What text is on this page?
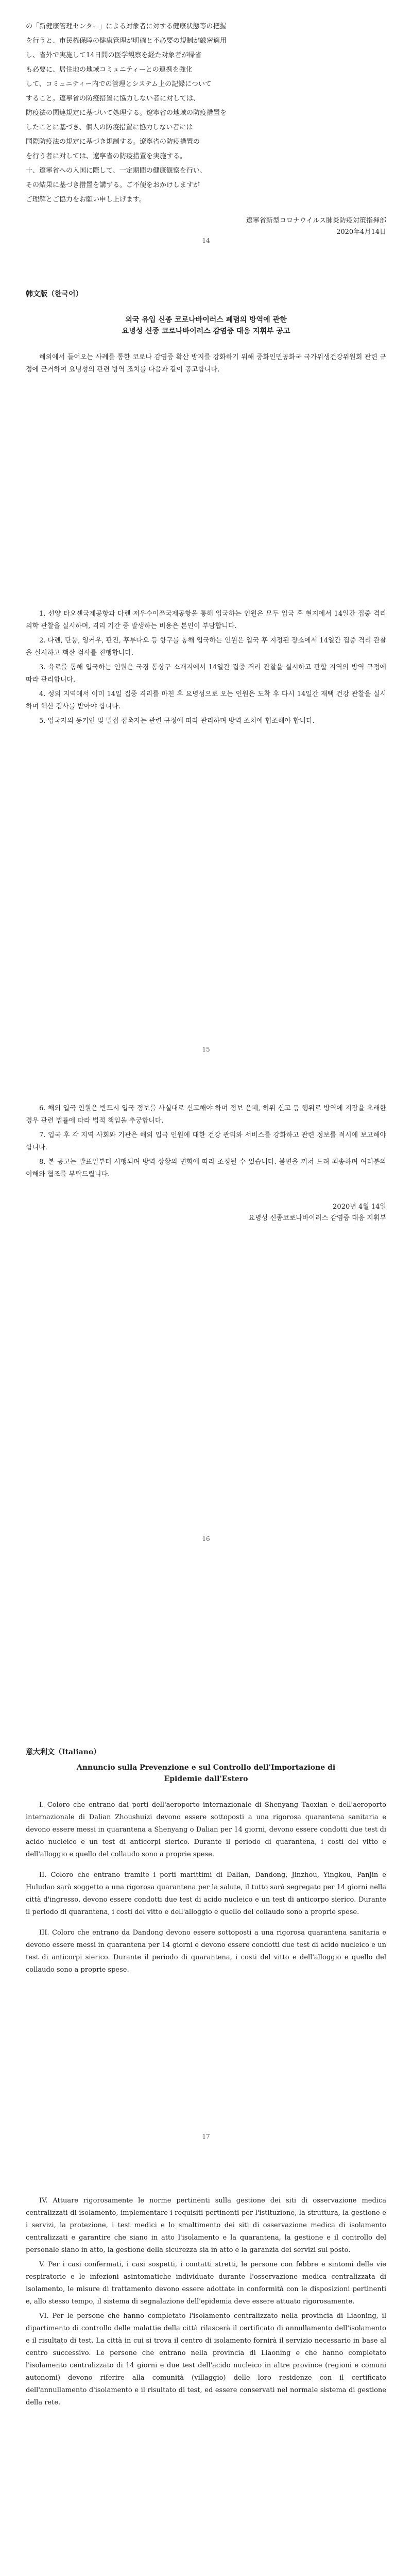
の「新健康管理センター」による対象者に対する健康状態等の把握

を行うと、市民権保障の健康管理が明確と不必要の規制が厳密適用

し、省外で実施して14日間の医学観察を経た対象者が帰省

も必要に、居住地の地域コミュニティーとの連携を強化

して、コミュニティー内での管理とシステム上の記録について

すること。遼寧省の防疫措置に協力しない者に対しては、

防疫法の関連規定に基づいて処理する。遼寧省の地域の防疫措置を

したことに基づき、個人の防疫措置に協力しない者には

国際防疫法の規定に基づき規制する。遼寧省の防疫措置の

を行う者に対しては、遼寧省の防疫措置を実施する。

十、遼寧省への入国に際して、一定期間の健康観察を行い、

その結果に基づき措置を講ずる。ご不便をおかけしますが

ご理解とご協力をお願い申し上げます。

遼寧省新型コロナウイルス肺炎防疫対策指揮部

2020年4月14日

14

韩文版（한국어）

외국 유입 신종 코로나바이러스 폐렴의 방역에 관한

요녕성 신종 코로나바이러스 감염증 대응 지휘부 공고

해외에서 들어오는 사례를 통한 코로나 감염증 확산 방지를 강화하기 위해 중화인민공화국 국가위생건강위원회 관련 규정에 근거하여 요녕성의 관련 방역 조치를 다음과 같이 공고합니다.

1. 선양 타오셴국제공항과 다롄 저우수이쯔국제공항을 통해 입국하는 인원은 모두 입국 후 현지에서 14일간 집중 격리 의학 관찰을 실시하며, 격리 기간 중 발생하는 비용은 본인이 부담합니다.

2. 다롄, 단둥, 잉커우, 판진, 후루다오 등 항구를 통해 입국하는 인원은 입국 후 지정된 장소에서 14일간 집중 격리 관찰을 실시하고 핵산 검사를 진행합니다.

3. 육로를 통해 입국하는 인원은 국경 통상구 소재지에서 14일간 집중 격리 관찰을 실시하고 관할 지역의 방역 규정에 따라 관리합니다.

4. 성외 지역에서 이미 14일 집중 격리를 마친 후 요녕성으로 오는 인원은 도착 후 다시 14일간 재택 건강 관찰을 실시하며 핵산 검사를 받아야 합니다.

5. 입국자의 동거인 및 밀접 접촉자는 관련 규정에 따라 관리하며 방역 조치에 협조해야 합니다.

15

6. 해외 입국 인원은 반드시 입국 정보를 사실대로 신고해야 하며 정보 은폐, 허위 신고 등 행위로 방역에 지장을 초래한 경우 관련 법률에 따라 법적 책임을 추궁합니다.

7. 입국 후 각 지역 사회와 기관은 해외 입국 인원에 대한 건강 관리와 서비스를 강화하고 관련 정보를 적시에 보고해야 합니다.

8. 본 공고는 발표일부터 시행되며 방역 상황의 변화에 따라 조정될 수 있습니다. 불편을 끼쳐 드려 죄송하며 여러분의 이해와 협조를 부탁드립니다.

2020년 4월 14일

요녕성 신종코로나바이러스 감염증 대응 지휘부

16

意大利文（Italiano）

Annuncio sulla Prevenzione e sul Controllo dell'Importazione di

Epidemie dall'Estero

I. Coloro che entrano dai porti dell'aeroporto internazionale di Shenyang Taoxian e dell'aeroporto internazionale di Dalian Zhoushuizi devono essere sottoposti a una rigorosa quarantena sanitaria e devono essere messi in quarantena a Shenyang o Dalian per 14 giorni, devono essere condotti due test di acido nucleico e un test di anticorpi sierico. Durante il periodo di quarantena, i costi del vitto e dell'alloggio e quello del collaudo sono a proprie spese.

II. Coloro che entrano tramite i porti marittimi di Dalian, Dandong, Jinzhou, Yingkou, Panjin e Huludao sarà soggetto a una rigorosa quarantena per la salute, il tutto sarà segregato per 14 giorni nella città d'ingresso, devono essere condotti due test di acido nucleico e un test di anticorpo sierico. Durante il periodo di quarantena, i costi del vitto e dell'alloggio e quello del collaudo sono a proprie spese.

III. Coloro che entrano da Dandong devono essere sottoposti a una rigorosa quarantena sanitaria e devono essere messi in quarantena per 14 giorni e devono essere condotti due test di acido nucleico e un test di anticorpi sierico. Durante il periodo di quarantena, i costi del vitto e dell'alloggio e quello del collaudo sono a proprie spese.

17

IV. Attuare rigorosamente le norme pertinenti sulla gestione dei siti di osservazione medica centralizzati di isolamento, implementare i requisiti pertinenti per l'istituzione, la struttura, la gestione e i servizi, la protezione, i test medici e lo smaltimento dei siti di osservazione medica di isolamento centralizzati e garantire che siano in atto l'isolamento e la quarantena, la gestione e il controllo del personale siano in atto, la gestione della sicurezza sia in atto e la garanzia dei servizi sul posto.

V. Per i casi confermati, i casi sospetti, i contatti stretti, le persone con febbre e sintomi delle vie respiratorie e le infezioni asintomatiche individuate durante l'osservazione medica centralizzata di isolamento, le misure di trattamento devono essere adottate in conformità con le disposizioni pertinenti e, allo stesso tempo, il sistema di segnalazione dell'epidemia deve essere attuato rigorosamente.

VI. Per le persone che hanno completato l'isolamento centralizzato nella provincia di Liaoning, il dipartimento di controllo delle malattie della città rilascerà il certificato di annullamento dell'isolamento e il risultato di test. La città in cui si trova il centro di isolamento fornirà il servizio necessario in base al centro successivo. Le persone che entrano nella provincia di Liaoning e che hanno completato l'isolamento centralizzato di 14 giorni e due test dell'acido nucleico in altre province (regioni e comuni autonomi) devono riferire alla comunità (villaggio) delle loro residenze con il certificato dell'annullamento d'isolamento e il risultato di test, ed essere conservati nel normale sistema di gestione della rete.
